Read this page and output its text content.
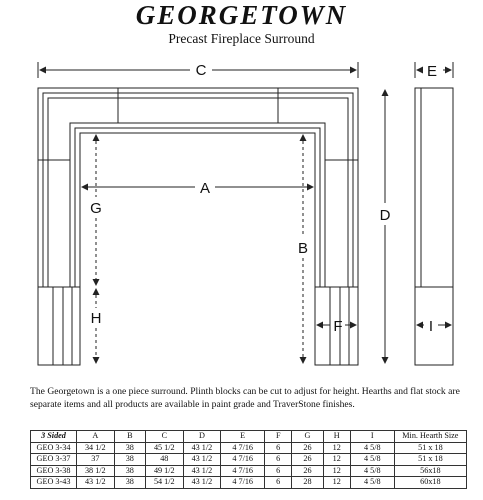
GEORGETOWN
Precast Fireplace Surround
C	E
A
G
B
D
H	F	I
The Georgetown is a one piece surround. Plinth blocks can be cut to adjust for height. Hearths and flat stock are separate items and all products are available in paint grade and TraverStone finishes.
3 Sided	A	B	C	D	E	F	G	H	I	Min. Hearth Size
GEO 3-34	34 1/2	38	45 1/2	43 1/2	4 7/16	6	26	12	4 5/8	51 x 18
GEO 3-37	37	38	48	43 1/2	4 7/16	6	26	12	4 5/8	51 x 18
GEO 3-38	38 1/2	38	49 1/2	43 1/2	4 7/16	6	26	12	4 5/8	56x18
GEO 3-43	43 1/2	38	54 1/2	43 1/2	4 7/16	6	28	12	4 5/8	60x18
